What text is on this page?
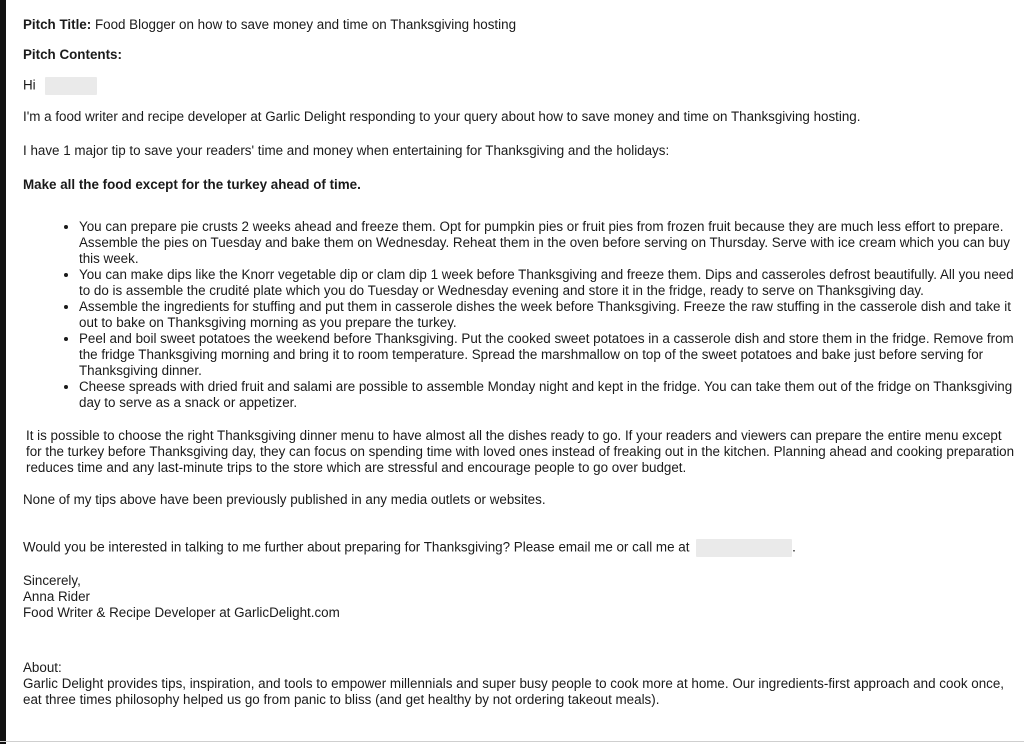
Pitch Title: Food Blogger on how to save money and time on Thanksgiving hosting

Pitch Contents:

Hi

I'm a food writer and recipe developer at Garlic Delight responding to your query about how to save money and time on Thanksgiving hosting.

I have 1 major tip to save your readers' time and money when entertaining for Thanksgiving and the holidays:

Make all the food except for the turkey ahead of time.

• You can prepare pie crusts 2 weeks ahead and freeze them. Opt for pumpkin pies or fruit pies from frozen fruit because they are much less effort to prepare. Assemble the pies on Tuesday and bake them on Wednesday. Reheat them in the oven before serving on Thursday. Serve with ice cream which you can buy this week.
• You can make dips like the Knorr vegetable dip or clam dip 1 week before Thanksgiving and freeze them. Dips and casseroles defrost beautifully. All you need to do is assemble the crudité plate which you do Tuesday or Wednesday evening and store it in the fridge, ready to serve on Thanksgiving day.
• Assemble the ingredients for stuffing and put them in casserole dishes the week before Thanksgiving. Freeze the raw stuffing in the casserole dish and take it out to bake on Thanksgiving morning as you prepare the turkey.
• Peel and boil sweet potatoes the weekend before Thanksgiving. Put the cooked sweet potatoes in a casserole dish and store them in the fridge. Remove from the fridge Thanksgiving morning and bring it to room temperature. Spread the marshmallow on top of the sweet potatoes and bake just before serving for Thanksgiving dinner.
• Cheese spreads with dried fruit and salami are possible to assemble Monday night and kept in the fridge. You can take them out of the fridge on Thanksgiving day to serve as a snack or appetizer.

It is possible to choose the right Thanksgiving dinner menu to have almost all the dishes ready to go. If your readers and viewers can prepare the entire menu except for the turkey before Thanksgiving day, they can focus on spending time with loved ones instead of freaking out in the kitchen. Planning ahead and cooking preparation reduces time and any last-minute trips to the store which are stressful and encourage people to go over budget.

None of my tips above have been previously published in any media outlets or websites.

Would you be interested in talking to me further about preparing for Thanksgiving? Please email me or call me at	.

Sincerely,

Anna Rider

Food Writer & Recipe Developer at GarlicDelight.com

About:

Garlic Delight provides tips, inspiration, and tools to empower millennials and super busy people to cook more at home. Our ingredients-first approach and cook once, eat three times philosophy helped us go from panic to bliss (and get healthy by not ordering takeout meals).
